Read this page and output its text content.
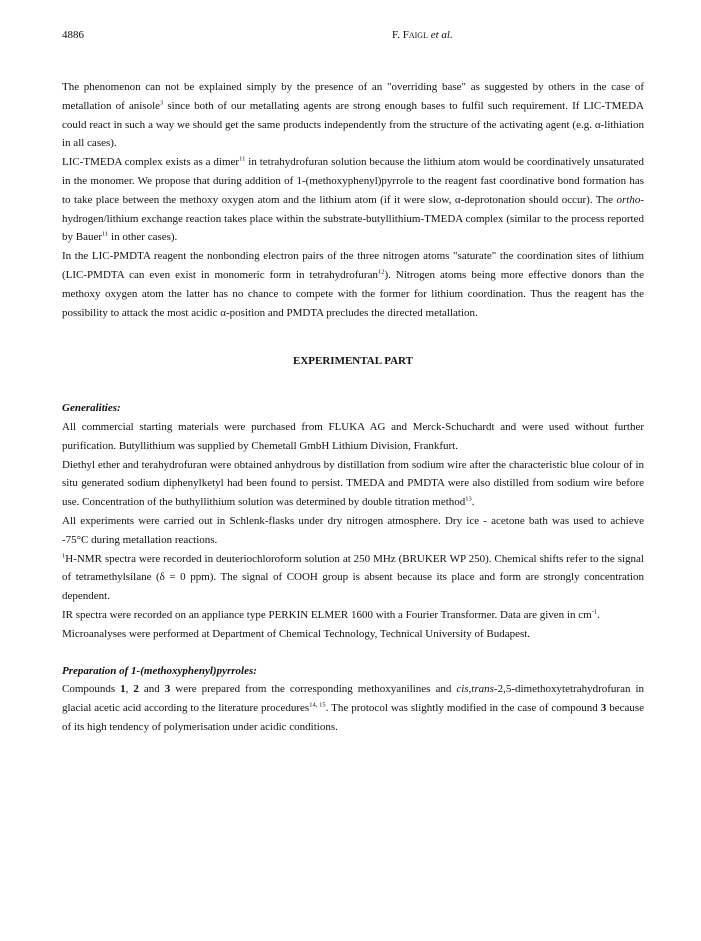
4886	F. Faigl et al.

The phenomenon can not be explained simply by the presence of an "overriding base" as suggested by others in the case of metallation of anisole$^3$ since both of our metallating agents are strong enough bases to fulfil such requirement. If LIC-TMEDA could react in such a way we should get the same products independently from the structure of the activating agent (e.g. α-lithiation in all cases).

LIC-TMEDA complex exists as a dimer$^{11}$ in tetrahydrofuran solution because the lithium atom would be coordinatively unsaturated in the monomer. We propose that during addition of 1-(methoxyphenyl)pyrrole to the reagent fast coordinative bond formation has to take place between the methoxy oxygen atom and the lithium atom (if it were slow, α-deprotonation should occur). The ortho-hydrogen/lithium exchange reaction takes place within the substrate-butyllithium-TMEDA complex (similar to the process reported by Bauer$^{11}$ in other cases).

In the LIC-PMDTA reagent the nonbonding electron pairs of the three nitrogen atoms "saturate" the coordination sites of lithium (LIC-PMDTA can even exist in monomeric form in tetrahydrofuran$^{12}$). Nitrogen atoms being more effective donors than the methoxy oxygen atom the latter has no chance to compete with the former for lithium coordination. Thus the reagent has the possibility to attack the most acidic α-position and PMDTA precludes the directed metallation.

EXPERIMENTAL PART

Generalities:

All commercial starting materials were purchased from FLUKA AG and Merck-Schuchardt and were used without further purification. Butyllithium was supplied by Chemetall GmbH Lithium Division, Frankfurt.

Diethyl ether and terahydrofuran were obtained anhydrous by distillation from sodium wire after the characteristic blue colour of in situ generated sodium diphenylketyl had been found to persist. TMEDA and PMDTA were also distilled from sodium wire before use. Concentration of the buthyllithium solution was determined by double titration method$^{13}$.

All experiments were carried out in Schlenk-flasks under dry nitrogen atmosphere. Dry ice - acetone bath was used to achieve -75°C during metallation reactions.

$^1$H-NMR spectra were recorded in deuteriochloroform solution at 250 MHz (BRUKER WP 250). Chemical shifts refer to the signal of tetramethylsilane (δ = 0 ppm). The signal of COOH group is absent because its place and form are strongly concentration dependent.

IR spectra were recorded on an appliance type PERKIN ELMER 1600 with a Fourier Transformer. Data are given in $cm^{-1}$.

Microanalyses were performed at Department of Chemical Technology, Technical University of Budapest.

Preparation of 1-(methoxyphenyl)pyrroles:

Compounds 1, 2 and 3 were prepared from the corresponding methoxyanilines and cis,trans-2,5-dimethoxytetrahydrofuran in glacial acetic acid according to the literature procedures$^{14, 15}$. The protocol was slightly modified in the case of compound 3 because of its high tendency of polymerisation under acidic conditions.
